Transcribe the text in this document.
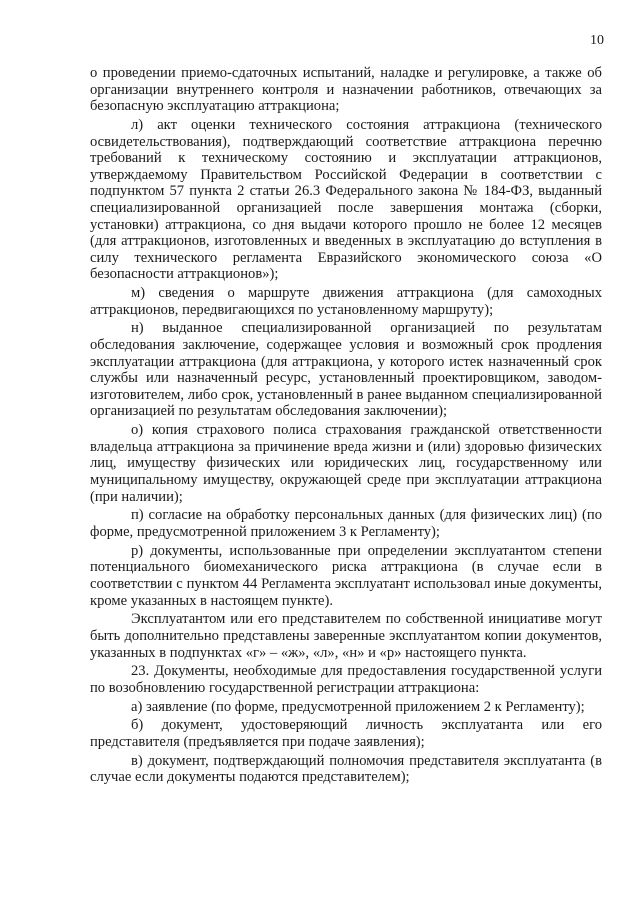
10

о проведении приемо-сдаточных испытаний, наладке и регулировке, а также об организации внутреннего контроля и назначении работников, отвечающих за безопасную эксплуатацию аттракциона;

л) акт оценки технического состояния аттракциона (технического освидетельствования), подтверждающий соответствие аттракциона перечню требований к техническому состоянию и эксплуатации аттракционов, утверждаемому Правительством Российской Федерации в соответствии с подпунктом 57 пункта 2 статьи 26.3 Федерального закона № 184-ФЗ, выданный специализированной организацией после завершения монтажа (сборки, установки) аттракциона, со дня выдачи которого прошло не более 12 месяцев (для аттракционов, изготовленных и введенных в эксплуатацию до вступления в силу технического регламента Евразийского экономического союза «О безопасности аттракционов»);

м) сведения о маршруте движения аттракциона (для самоходных аттракционов, передвигающихся по установленному маршруту);

н) выданное специализированной организацией по результатам обследования заключение, содержащее условия и возможный срок продления эксплуатации аттракциона (для аттракциона, у которого истек назначенный срок службы или назначенный ресурс, установленный проектировщиком, заводом-изготовителем, либо срок, установленный в ранее выданном специализированной организацией по результатам обследования заключении);

о) копия страхового полиса страхования гражданской ответственности владельца аттракциона за причинение вреда жизни и (или) здоровью физических лиц, имуществу физических или юридических лиц, государственному или муниципальному имуществу, окружающей среде при эксплуатации аттракциона (при наличии);

п) согласие на обработку персональных данных (для физических лиц) (по форме, предусмотренной приложением 3 к Регламенту);

р) документы, использованные при определении эксплуатантом степени потенциального биомеханического риска аттракциона (в случае если в соответствии с пунктом 44 Регламента эксплуатант использовал иные документы, кроме указанных в настоящем пункте).

Эксплуатантом или его представителем по собственной инициативе могут быть дополнительно представлены заверенные эксплуатантом копии документов, указанных в подпунктах «г» – «ж», «л», «н» и «р» настоящего пункта.

23. Документы, необходимые для предоставления государственной услуги по возобновлению государственной регистрации аттракциона:

а) заявление (по форме, предусмотренной приложением 2 к Регламенту);

б) документ, удостоверяющий личность эксплуатанта или его представителя (предъявляется при подаче заявления);

в) документ, подтверждающий полномочия представителя эксплуатанта (в случае если документы подаются представителем);
